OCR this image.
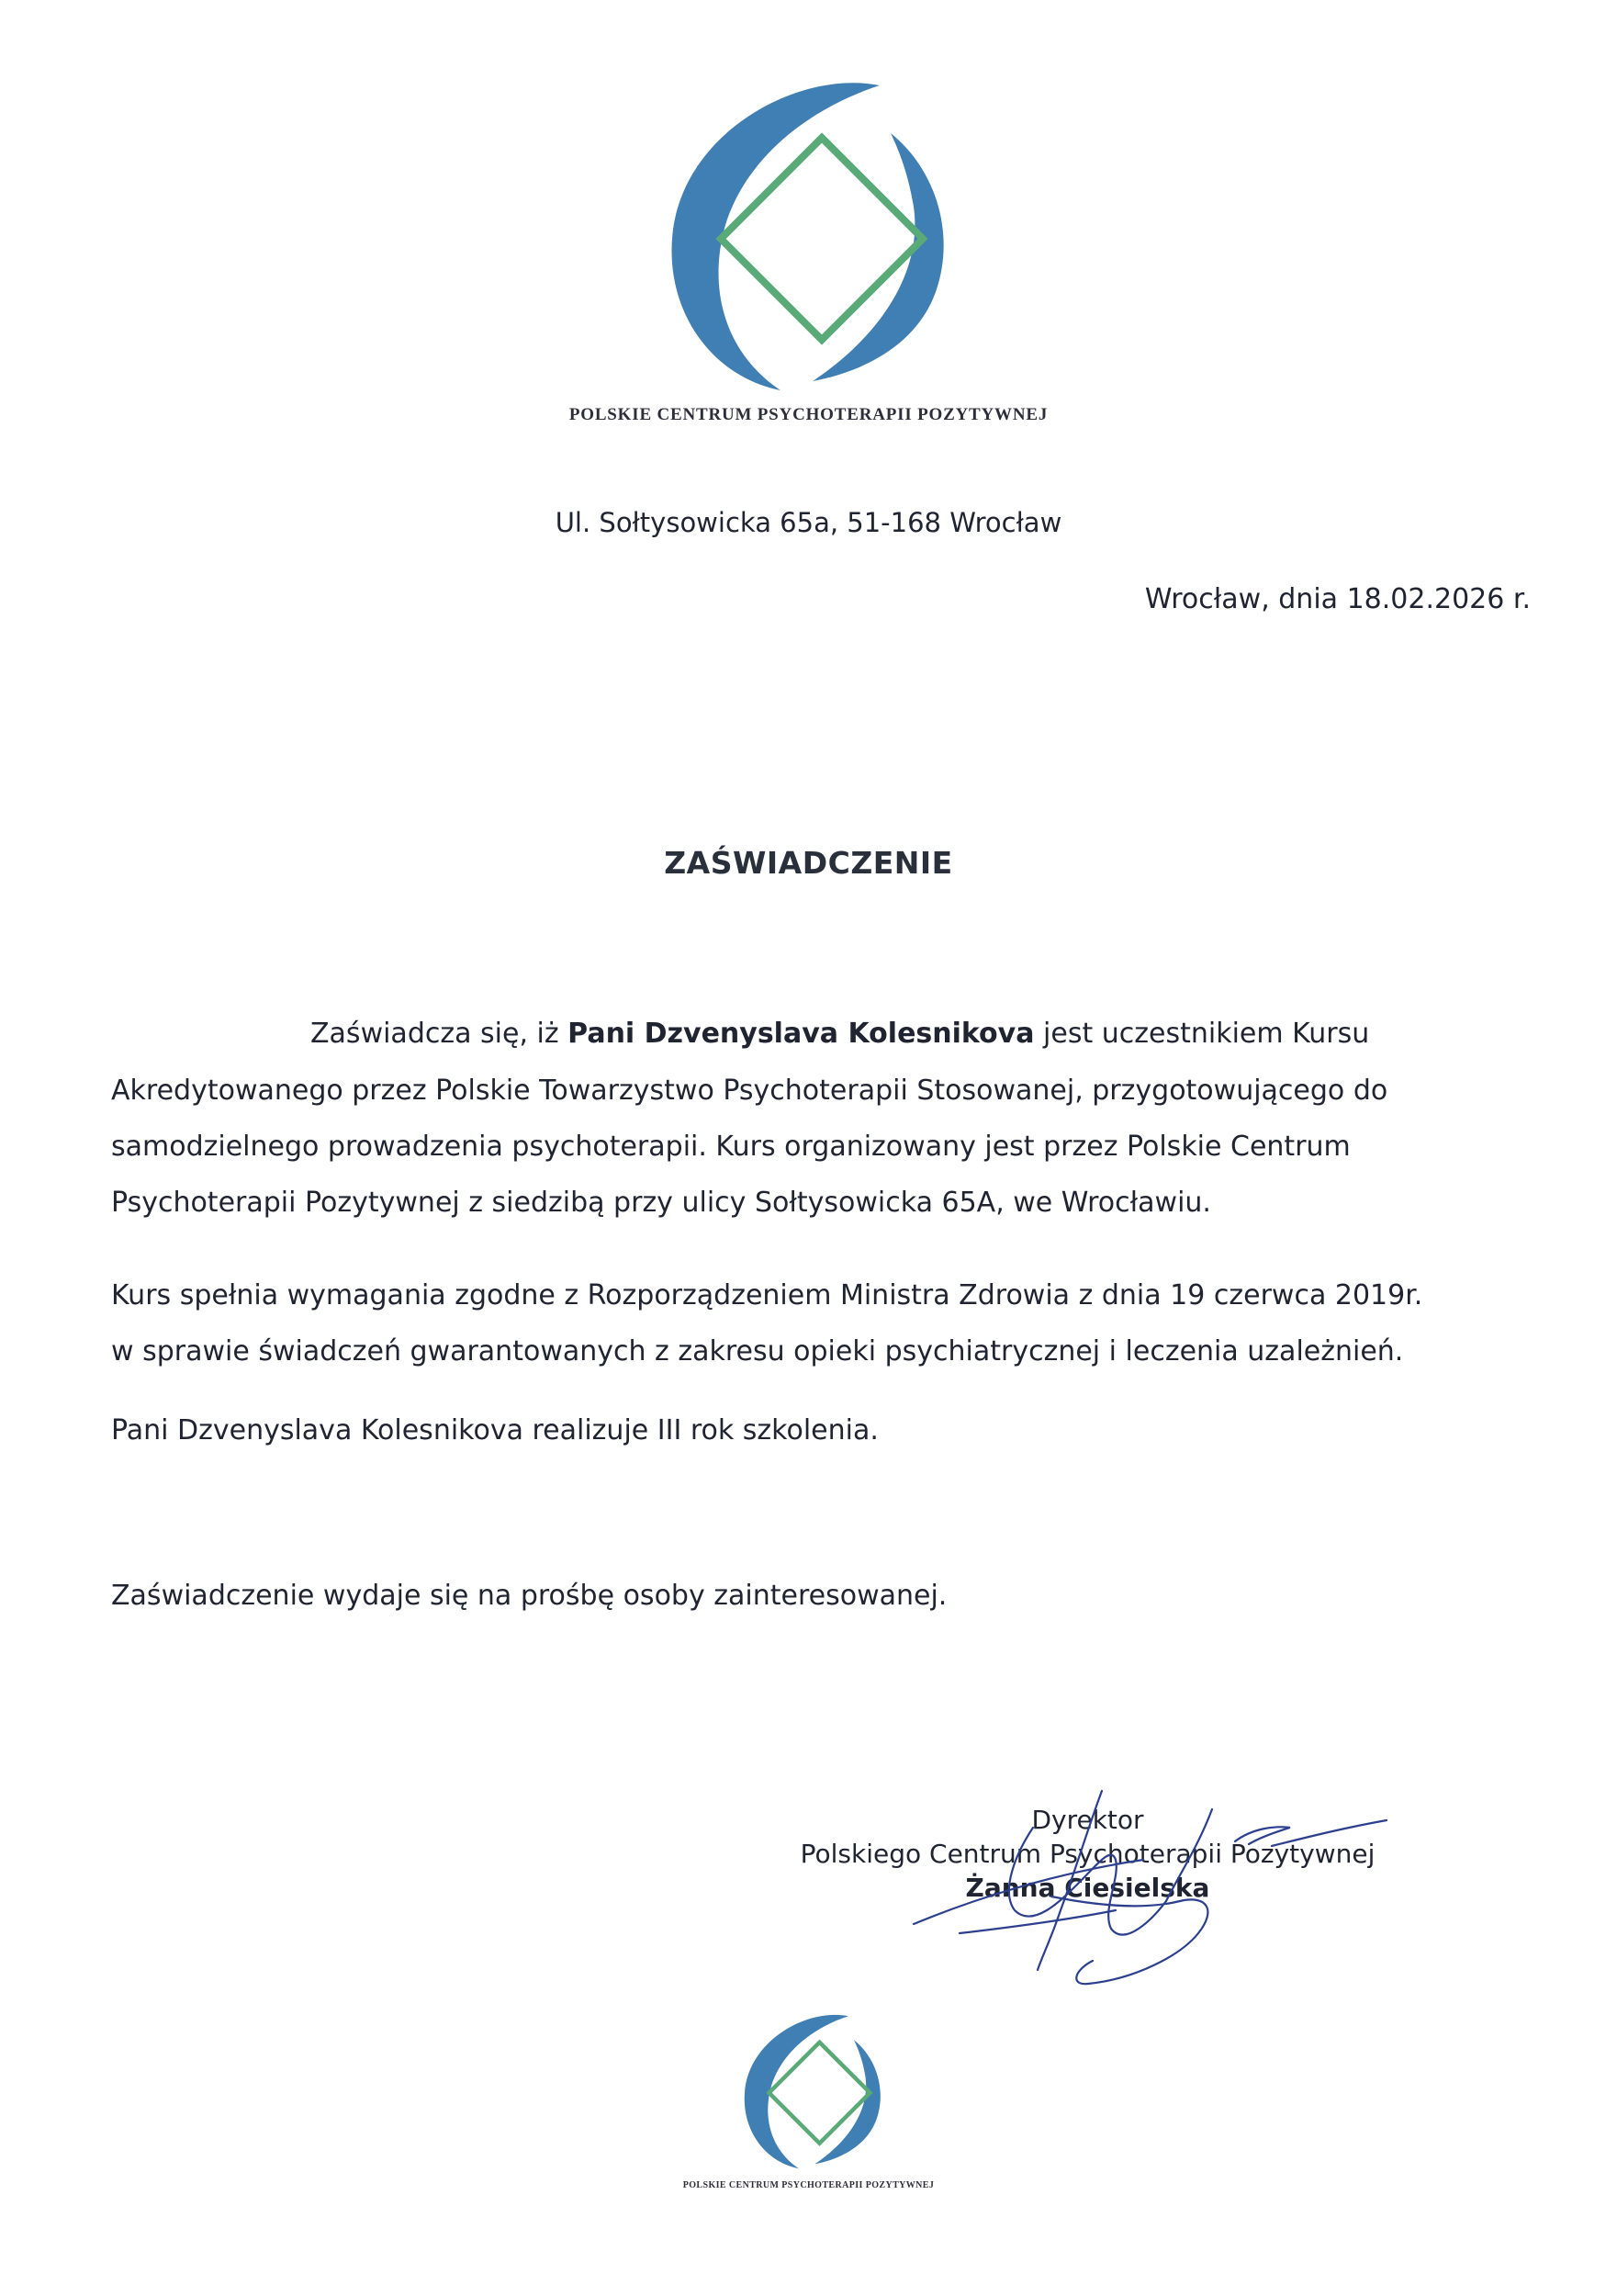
POLSKIE CENTRUM PSYCHOTERAPII POZYTYWNEJ
Ul. Sołtysowicka 65a, 51-168 Wrocław
Wrocław, dnia 18.02.2026 r.
ZAŚWIADCZENIE
Zaświadcza się, iż Pani Dzvenyslava Kolesnikova jest uczestnikiem Kursu
Akredytowanego przez Polskie Towarzystwo Psychoterapii Stosowanej, przygotowującego do
samodzielnego prowadzenia psychoterapii. Kurs organizowany jest przez Polskie Centrum
Psychoterapii Pozytywnej z siedzibą przy ulicy Sołtysowicka 65A, we Wrocławiu.
Kurs spełnia wymagania zgodne z Rozporządzeniem Ministra Zdrowia z dnia 19 czerwca 2019r.
w sprawie świadczeń gwarantowanych z zakresu opieki psychiatrycznej i leczenia uzależnień.
Pani Dzvenyslava Kolesnikova realizuje III rok szkolenia.
Zaświadczenie wydaje się na prośbę osoby zainteresowanej.
Dyrektor
Polskiego Centrum Psychoterapii Pozytywnej
Żanna Ciesielska
POLSKIE CENTRUM PSYCHOTERAPII POZYTYWNEJ
